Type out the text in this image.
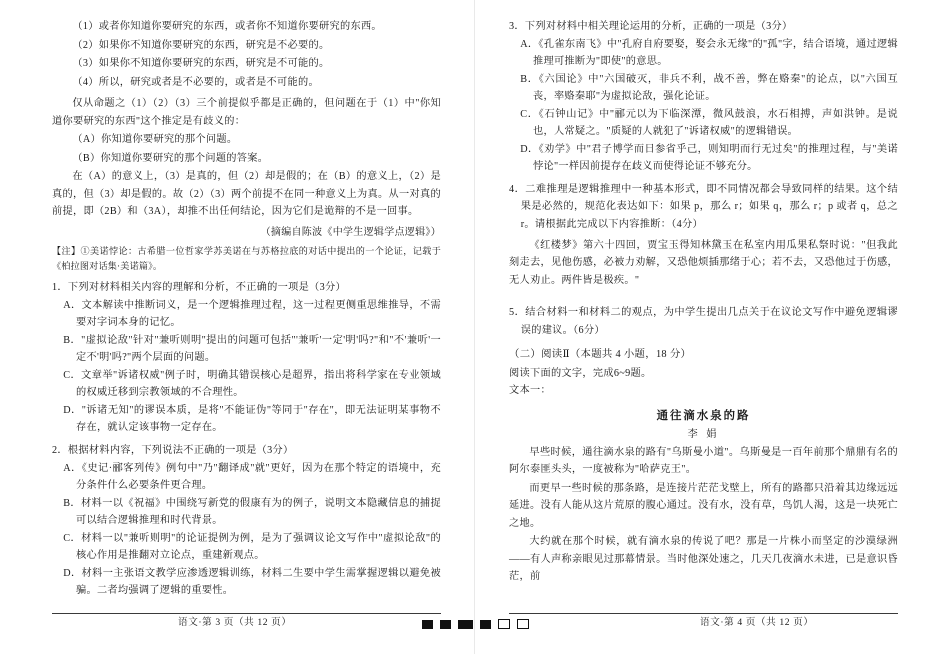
（1）或者你知道你要研究的东西，或者你不知道你要研究的东西。
（2）如果你不知道你要研究的东西，研究是不必要的。
（3）如果你不知道你要研究的东西，研究是不可能的。
（4）所以，研究或者是不必要的，或者是不可能的。
仅从命题之（1）（2）（3）三个前提似乎都是正确的，但问题在于（1）中"你知道你要研究的东西"这个推定是有歧义的：
（A）你知道你要研究的那个问题。
（B）你知道你要研究的那个问题的答案。
在（A）的意义上，（3）是真的，但（2）却是假的；在（B）的意义上，（2）是真的，但（3）却是假的。故（2）（3）两个前提不在同一种意义上为真。从一对真的前提，即（2B）和（3A），却推不出任何结论，因为它们是诡辩的不是一回事。
（摘编自陈波《中学生逻辑学点逻辑》）
【注】①美诺悖论：古希腊一位哲家学苏美诺在与苏格拉底的对话中提出的一个论证，记载于《柏拉图对话集·美诺篇》。
1．下列对材料相关内容的理解和分析，不正确的一项是（3分）
A．文本解读中推断词义，是一个逻辑推理过程，这一过程更侧重思维推导，不需要对字词本身的记忆。
B．"虚拟论敌"针对"兼听则明"提出的问题可包括"'兼听'一定'明'吗?"和"不'兼听'一定不'明'吗?"两个层面的问题。
C．文章举"诉诸权威"例子时，明确其错误核心是超界，指出将科学家在专业领域的权威迁移到宗教领域的不合理性。
D．"诉诸无知"的谬误本质，是将"不能证伪"等同于"存在"，即无法证明某事物不存在，就认定该事物一定存在。
2．根据材料内容，下列说法不正确的一项是（3分）
A．《史记·郦客列传》例句中"乃"翻译成"就"更好，因为在那个特定的语境中，充分条件什么必要条件更合理。
B．材料一以《祝福》中围绕写新党的假康有为的例子，说明文本隐藏信息的捕捉可以结合逻辑推理和时代背景。
C．材料一以"兼听则明"的论证提例为例，是为了强调议论文写作中"虚拟论敌"的核心作用是推翻对立论点，重建新观点。
D．材料一主张语文教学应渗透逻辑训练，材料二生要中学生需掌握逻辑以避免被骗。二者均强调了逻辑的重要性。
3．下列对材料中相关理论运用的分析，正确的一项是（3分）
A．《孔雀东南飞》中"孔府自府要娶，娶会永无缘"的"孤"字，结合语境，通过逻辑推理可推断为"即使"的意思。
B．《六国论》中"六国破灭，非兵不利，战不善，弊在赂秦"的论点，以"六国互丧，率赂秦耶"为虚拟论敌，强化论证。
C．《石钟山记》中"郦元以为下临深潭，微风鼓浪，水石相搏，声如洪钟。是说也，人常疑之。"质疑的人就犯了"诉诸权威"的逻辑错误。
D．《劝学》中"君子博学而日参省乎己，则知明而行无过矣"的推理过程，与"美诺悖论"一样因前提存在歧义而使得论证不够充分。
4．二难推理是逻辑推理中一种基本形式，即不同情况都会导致同样的结果。这个结果是必然的，规范化表达如下：如果 p，那么 r；如果 q，那么 r；p 或者 q，总之 r。请根据此完成以下内容推断：（4分）
《红楼梦》第六十四回，贾宝玉得知林黛玉在私室内用瓜果私祭时说："但我此刻走去，见他伤感，必被力劝解，又恐他烦插那绪于心；若不去，又恐他过于伤感，无人劝止。两件皆是极疾。"
5．结合材料一和材料二的观点，为中学生提出几点关于在议论文写作中避免逻辑谬误的建议。（6分）
（二）阅读Ⅱ（本题共 4 小题，18 分）
阅读下面的文字，完成6~9题。
文本一：
通往滴水泉的路
李 娟
早些时候，通往滴水泉的路有"乌斯曼小道"。乌斯曼是一百年前那个鼎鼎有名的阿尔泰匪头头，一度被称为"哈萨克王"。
而更早一些时候的那条路，是连接片茫茫戈壁上，所有的路都只沿着其边缘远远延进。没有人能从这片荒原的腹心通过。没有水，没有草，鸟饥人渴，这是一块死亡之地。
大约就在那个时候，就有滴水泉的传说了吧？那是一片株小而坚定的沙漠绿洲——有人声称亲眼见过那幕情景。当时他深处速之，几天几夜滴水未进，已是意识昏茫，前
语文·第 3 页（共 12 页）	语文·第 4 页（共 12 页）
